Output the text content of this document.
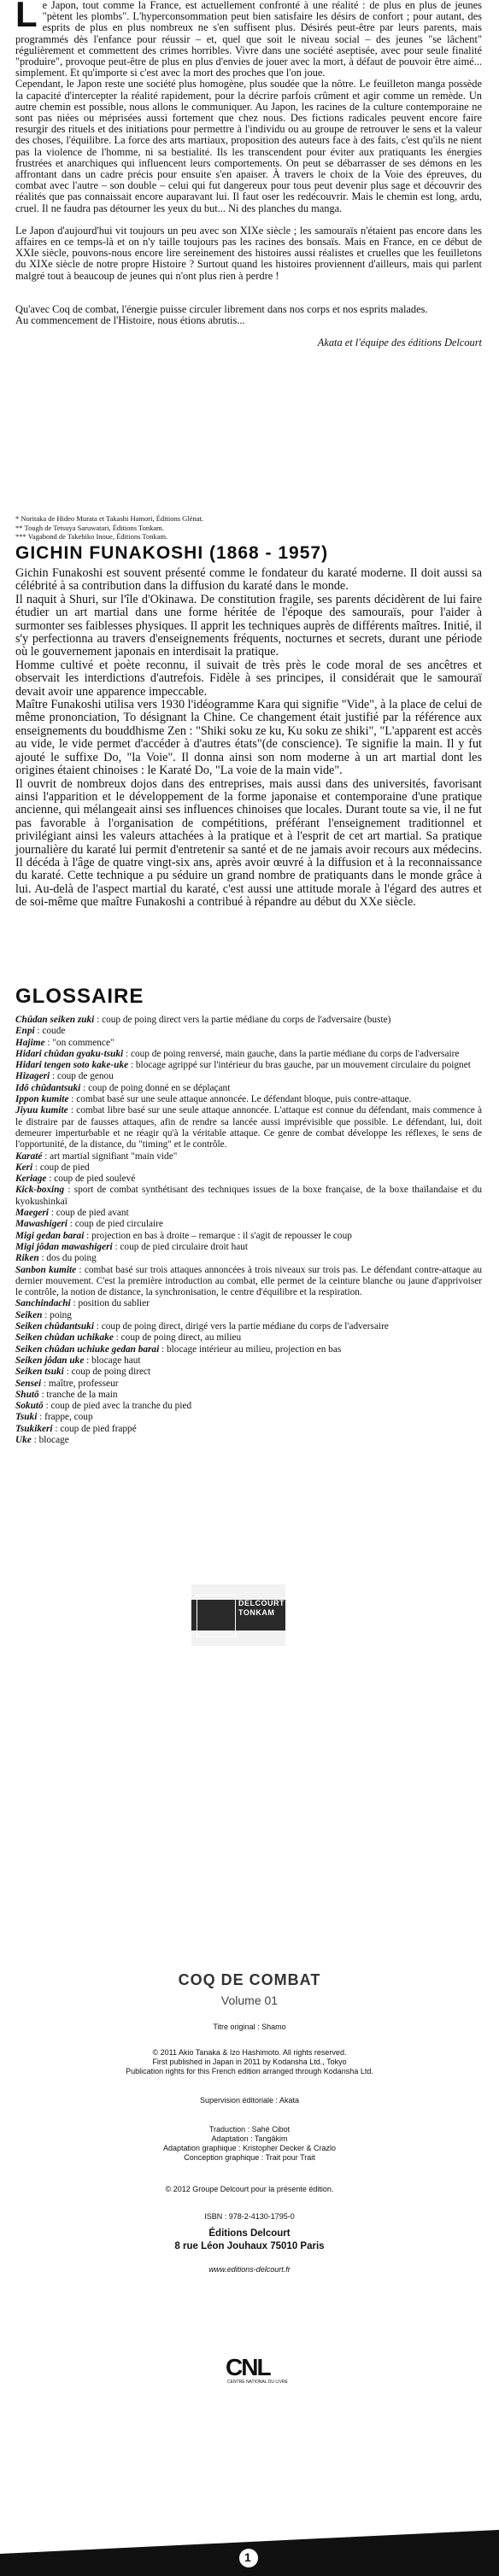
Le Japon, tout comme la France, est actuellement confronté à une réalité : de plus en plus de jeunes "pètent les plombs". L'hyperconsommation peut bien satisfaire les désirs de confort ; pour autant, des esprits de plus en plus nombreux ne s'en suffisent plus. Désirés peut-être par leurs parents, mais programmés dès l'enfance pour réussir – et, quel que soit le niveau social – des jeunes "se lâchent" régulièrement et commettent des crimes horribles. Vivre dans une société aseptisée, avec pour seule finalité "produire", provoque peut-être de plus en plus d'envies de jouer avec la mort, à défaut de pouvoir être aimé... simplement. Et qu'importe si c'est avec la mort des proches que l'on joue.

Cependant, le Japon reste une société plus homogène, plus soudée que la nôtre. Le feuilleton manga possède la capacité d'intercepter la réalité rapidement, pour la décrire parfois crûment et agir comme un remède. Un autre chemin est possible, nous allons le communiquer. Au Japon, les racines de la culture contemporaine ne sont pas niées ou méprisées aussi fortement que chez nous. Des fictions radicales peuvent encore faire resurgir des rituels et des initiations pour permettre à l'individu ou au groupe de retrouver le sens et la valeur des choses, l'équilibre. La force des arts martiaux, proposition des auteurs face à des faits, c'est qu'ils ne nient pas la violence de l'homme, ni sa bestialité. Ils les transcendent pour éviter aux pratiquants les énergies frustrées et anarchiques qui influencent leurs comportements. On peut se débarrasser de ses démons en les affrontant dans un cadre précis pour ensuite s'en apaiser. À travers le choix de la Voie des épreuves, du combat avec l'autre – son double – celui qui fut dangereux pour tous peut devenir plus sage et découvrir des réalités que pas connaissait encore auparavant lui. Il faut oser les redécouvrir. Mais le chemin est long, ardu, cruel. Il ne faudra pas détourner les yeux du but... Ni des planches du manga.

Le Japon d'aujourd'hui vit toujours un peu avec son XIXe siècle ; les samouraïs n'étaient pas encore dans les affaires en ce temps-là et on n'y taille toujours pas les racines des bonsaïs. Mais en France, en ce début de XXIe siècle, pouvons-nous encore lire sereinement des histoires aussi réalistes et cruelles que les feuilletons du XIXe siècle de notre propre Histoire ? Surtout quand les histoires proviennent d'ailleurs, mais qui parlent malgré tout à beaucoup de jeunes qui n'ont plus rien à perdre !

Qu'avec Coq de combat, l'énergie puisse circuler librement dans nos corps et nos esprits malades.

Au commencement de l'Histoire, nous étions abrutis...

Akata et l'équipe des éditions Delcourt

* Noritaka de Hideo Murata et Takashi Hamori, Éditions Glénat.
** Tough de Tetsuya Saruwatari, Éditions Tonkam.
*** Vagabond de Takehiko Inoue, Éditions Tonkam.
GICHIN FUNAKOSHI (1868 - 1957)

Gichin Funakoshi est souvent présenté comme le fondateur du karaté moderne. Il doit aussi sa célébrité à sa contribution dans la diffusion du karaté dans le monde.

Il naquit à Shuri, sur l'île d'Okinawa. De constitution fragile, ses parents décidèrent de lui faire étudier un art martial dans une forme héritée de l'époque des samouraïs, pour l'aider à surmonter ses faiblesses physiques. Il apprit les techniques auprès de différents maîtres. Initié, il s'y perfectionna au travers d'enseignements fréquents, nocturnes et secrets, durant une période où le gouvernement japonais en interdisait la pratique.

Homme cultivé et poète reconnu, il suivait de très près le code moral de ses ancêtres et observait les interdictions d'autrefois. Fidèle à ses principes, il considérait que le samouraï devait avoir une apparence impeccable.

Maître Funakoshi utilisa vers 1930 l'idéogramme Kara qui signifie "Vide", à la place de celui de même prononciation, To désignant la Chine. Ce changement était justifié par la référence aux enseignements du bouddhisme Zen : "Shiki soku ze ku, Ku soku ze shiki", "L'apparent est accès au vide, le vide permet d'accéder à d'autres états"(de conscience). Te signifie la main. Il y fut ajouté le suffixe Do, "la Voie". Il donna ainsi son nom moderne à un art martial dont les origines étaient chinoises : le Karaté Do, "La voie de la main vide".

Il ouvrit de nombreux dojos dans des entreprises, mais aussi dans des universités, favorisant ainsi l'apparition et le développement de la forme japonaise et contemporaine d'une pratique ancienne, qui mélangeait ainsi ses influences chinoises que locales. Durant toute sa vie, il ne fut pas favorable à l'organisation de compétitions, préférant l'enseignement traditionnel et privilégiant ainsi les valeurs attachées à la pratique et à l'esprit de cet art martial. Sa pratique journalière du karaté lui permit d'entretenir sa santé et de ne jamais avoir recours aux médecins. Il décéda à l'âge de quatre vingt-six ans, après avoir œuvré à la diffusion et à la reconnaissance du karaté. Cette technique a pu séduire un grand nombre de pratiquants dans le monde grâce à lui. Au-delà de l'aspect martial du karaté, c'est aussi une attitude morale à l'égard des autres et de soi-même que maître Funakoshi a contribué à répandre au début du XXe siècle.

GLOSSAIRE

Chûdan seiken zuki : coup de poing direct vers la partie médiane du corps de l'adversaire (buste)

Enpi : coude

Hajime : "on commence"

Hidari chûdan gyaku-tsuki : coup de poing renversé, main gauche, dans la partie médiane du corps de l'adversaire

Hidari tengen soto kake-uke : blocage agrippé sur l'intérieur du bras gauche, par un mouvement circulaire du poignet

Hizageri : coup de genou

Idô chûdantsuki : coup de poing donné en se déplaçant

Ippon kumite : combat basé sur une seule attaque annoncée. Le défendant bloque, puis contre-attaque.

Jiyuu kumite : combat libre basé sur une seule attaque annoncée. L'attaque est connue du défendant, mais commence à le distraire par de fausses attaques, afin de rendre sa lancée aussi imprévisible que possible. Le défendant, lui, doit demeurer imperturbable et ne réagir qu'à la véritable attaque. Ce genre de combat développe les réflexes, le sens de l'opportunité, de la distance, du "timing" et le contrôle.

Karaté : art martial signifiant "main vide"

Keri : coup de pied

Keriage : coup de pied soulevé

Kick-boxing : sport de combat synthétisant des techniques issues de la boxe française, de la boxe thaïlandaise et du kyokushinkaï

Maegeri : coup de pied avant

Mawashigeri : coup de pied circulaire

Migi gedan barai : projection en bas à droite – remarque : il s'agit de repousser le coup

Migi jôdan mawashigeri : coup de pied circulaire droit haut

Riken : dos du poing

Sanbon kumite : combat basé sur trois attaques annoncées à trois niveaux sur trois pas. Le défendant contre-attaque au dernier mouvement. C'est la première introduction au combat, elle permet de la ceinture blanche ou jaune d'apprivoiser le contrôle, la notion de distance, la synchronisation, le centre d'équilibre et la respiration.

Sanchindachi : position du sablier

Seiken : poing

Seiken chûdantsuki : coup de poing direct, dirigé vers la partie médiane du corps de l'adversaire

Seiken chûdan uchikake : coup de poing direct, au milieu

Seiken chûdan uchiuke gedan barai : blocage intérieur au milieu, projection en bas

Seiken jôdan uke : blocage haut

Seiken tsuki : coup de poing direct

Sensei : maître, professeur

Shutô : tranche de la main

Sokutô : coup de pied avec la tranche du pied

Tsuki : frappe, coup

Tsukikeri : coup de pied frappé

Uke : blocage

DELCOURT
TONKAM
COQ DE COMBAT
Volume 01
Titre original : Shamo
© 2011 Akio Tanaka & Izo Hashimoto. All rights reserved.
First published in Japan in 2011 by Kodansha Ltd., Tokyo
Publication rights for this French edition arranged through Kodansha Ltd.
Supervision éditoriale : Akata
Traduction : Sahé Cibot
Adaptation : Tangâkim
Adaptation graphique : Kristopher Decker & Crazlo
Conception graphique : Trait pour Trait
© 2012 Groupe Delcourt pour la présente édition.
ISBN : 978-2-4130-1795-0
Éditions Delcourt
8 rue Léon Jouhaux 75010 Paris
www.editions-delcourt.fr
CNL
CENTRE NATIONAL DU LIVRE
1
